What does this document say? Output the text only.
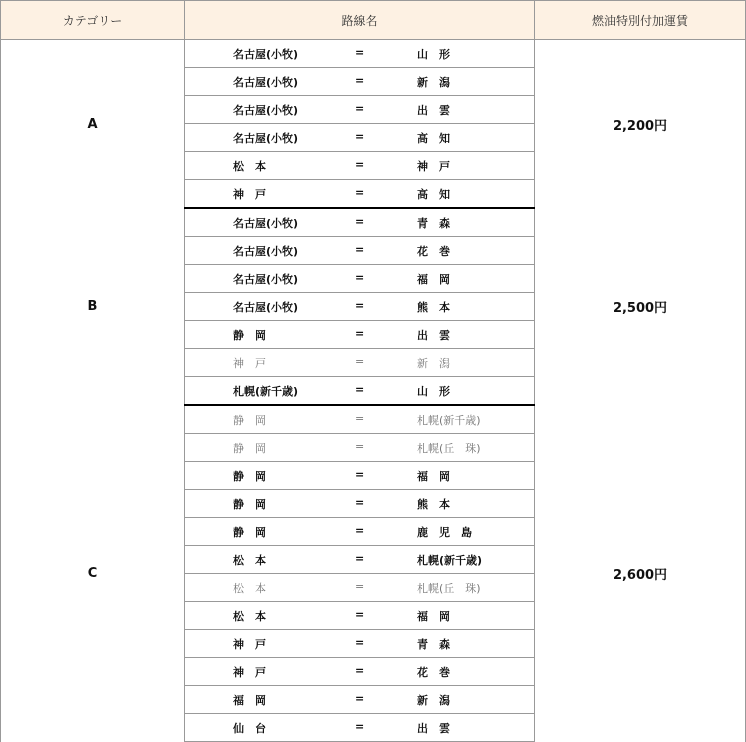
カテゴリー	路線名	燃油特別付加運賃
A	名古屋(小牧) = 山　形	2,200円

	名古屋(小牧) = 新　潟	

	名古屋(小牧) = 出　雲	

	名古屋(小牧) = 高　知	

	松　本 = 神　戸	

	神　戸 = 高　知	

B	名古屋(小牧) = 青　森	2,500円

	名古屋(小牧) = 花　巻	

	名古屋(小牧) = 福　岡	

	名古屋(小牧) = 熊　本	

	静　岡 = 出　雲	

	神　戸 = 新　潟	

	札幌(新千歳) = 山　形	

C	静　岡 = 札幌(新千歳)	2,600円

	静　岡 = 札幌(丘　珠)	

	静　岡 = 福　岡	

	静　岡 = 熊　本	

	静　岡 = 鹿　児　島	

	松　本 = 札幌(新千歳)	

	松　本 = 札幌(丘　珠)	

	松　本 = 福　岡	

	神　戸 = 青　森	

	神　戸 = 花　巻	

	福　岡 = 新　潟	

	仙　台 = 出　雲	
